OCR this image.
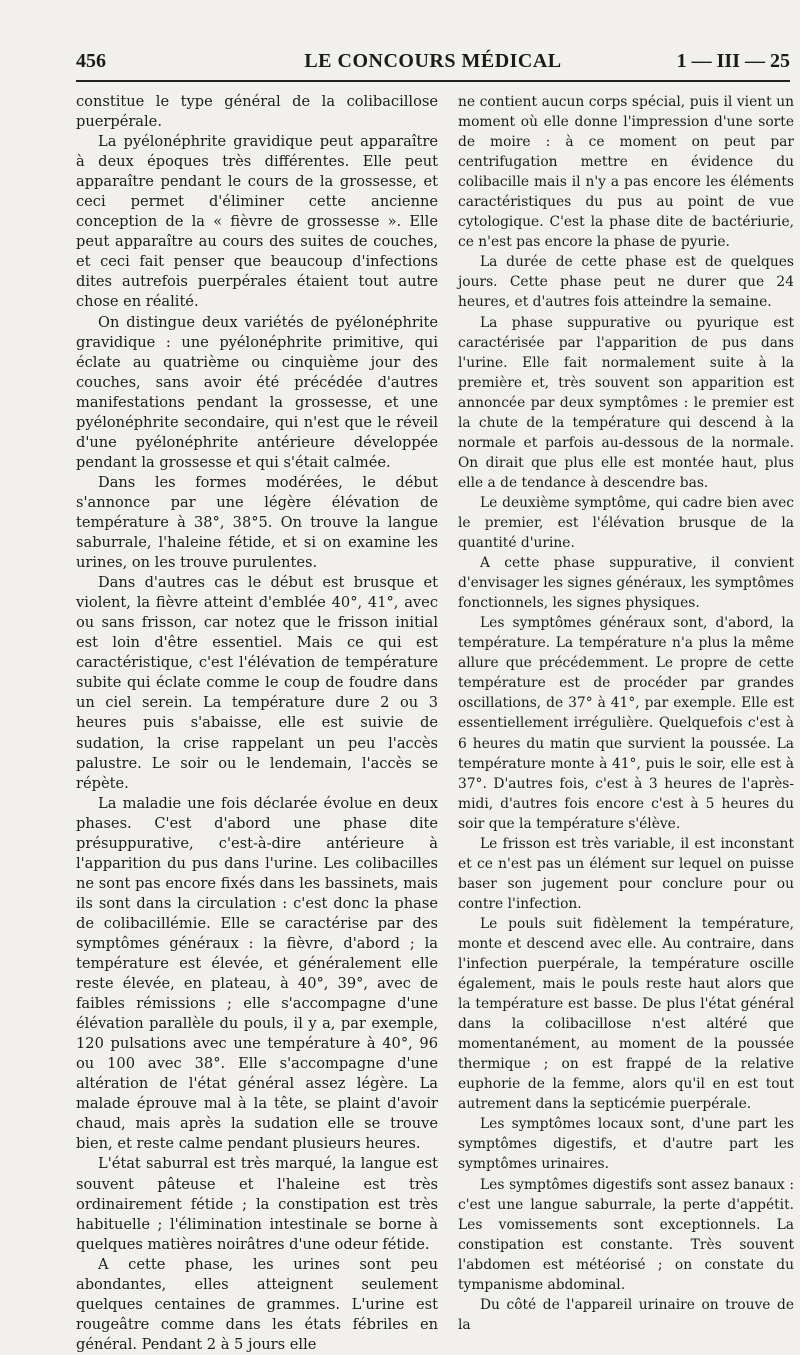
456	LE CONCOURS MÉDICAL	1 — III — 25

constitue le type général de la colibacillose puerpérale.

La pyélonéphrite gravidique peut apparaître à deux époques très différentes. Elle peut apparaître pendant le cours de la grossesse, et ceci permet d'éliminer cette ancienne conception de la « fièvre de grossesse ». Elle peut apparaître au cours des suites de couches, et ceci fait penser que beaucoup d'infections dites autrefois puerpérales étaient tout autre chose en réalité.

On distingue deux variétés de pyélonéphrite gravidique : une pyélonéphrite primitive, qui éclate au quatrième ou cinquième jour des couches, sans avoir été précédée d'autres manifestations pendant la grossesse, et une pyélonéphrite secondaire, qui n'est que le réveil d'une pyélonéphrite antérieure développée pendant la grossesse et qui s'était calmée.

Dans les formes modérées, le début s'annonce par une légère élévation de température à 38°, 38°5. On trouve la langue saburrale, l'haleine fétide, et si on examine les urines, on les trouve purulentes.

Dans d'autres cas le début est brusque et violent, la fièvre atteint d'emblée 40°, 41°, avec ou sans frisson, car notez que le frisson initial est loin d'être essentiel. Mais ce qui est caractéristique, c'est l'élévation de température subite qui éclate comme le coup de foudre dans un ciel serein. La température dure 2 ou 3 heures puis s'abaisse, elle est suivie de sudation, la crise rappelant un peu l'accès palustre. Le soir ou le lendemain, l'accès se répète.

La maladie une fois déclarée évolue en deux phases. C'est d'abord une phase dite présuppurative, c'est-à-dire antérieure à l'apparition du pus dans l'urine. Les colibacilles ne sont pas encore fixés dans les bassinets, mais ils sont dans la circulation : c'est donc la phase de colibacillémie. Elle se caractérise par des symptômes généraux : la fièvre, d'abord ; la température est élevée, et généralement elle reste élevée, en plateau, à 40°, 39°, avec de faibles rémissions ; elle s'accompagne d'une élévation parallèle du pouls, il y a, par exemple, 120 pulsations avec une température à 40°, 96 ou 100 avec 38°. Elle s'accompagne d'une altération de l'état général assez légère. La malade éprouve mal à la tête, se plaint d'avoir chaud, mais après la sudation elle se trouve bien, et reste calme pendant plusieurs heures.

L'état saburral est très marqué, la langue est souvent pâteuse et l'haleine est très ordinairement fétide ; la constipation est très habituelle ; l'élimination intestinale se borne à quelques matières noirâtres d'une odeur fétide.

A cette phase, les urines sont peu abondantes, elles atteignent seulement quelques centaines de grammes. L'urine est rougeâtre comme dans les états fébriles en général. Pendant 2 à 5 jours elle

ne contient aucun corps spécial, puis il vient un moment où elle donne l'impression d'une sorte de moire : à ce moment on peut par centrifugation mettre en évidence du colibacille mais il n'y a pas encore les éléments caractéristiques du pus au point de vue cytologique. C'est la phase dite de bactériurie, ce n'est pas encore la phase de pyurie.

La durée de cette phase est de quelques jours. Cette phase peut ne durer que 24 heures, et d'autres fois atteindre la semaine.

La phase suppurative ou pyurique est caractérisée par l'apparition de pus dans l'urine. Elle fait normalement suite à la première et, très souvent son apparition est annoncée par deux symptômes : le premier est la chute de la température qui descend à la normale et parfois au-dessous de la normale. On dirait que plus elle est montée haut, plus elle a de tendance à descendre bas.

Le deuxième symptôme, qui cadre bien avec le premier, est l'élévation brusque de la quantité d'urine.

A cette phase suppurative, il convient d'envisager les signes généraux, les symptômes fonctionnels, les signes physiques.

Les symptômes généraux sont, d'abord, la température. La température n'a plus la même allure que précédemment. Le propre de cette température est de procéder par grandes oscillations, de 37° à 41°, par exemple. Elle est essentiellement irrégulière. Quelquefois c'est à 6 heures du matin que survient la poussée. La température monte à 41°, puis le soir, elle est à 37°. D'autres fois, c'est à 3 heures de l'après-midi, d'autres fois encore c'est à 5 heures du soir que la température s'élève.

Le frisson est très variable, il est inconstant et ce n'est pas un élément sur lequel on puisse baser son jugement pour conclure pour ou contre l'infection.

Le pouls suit fidèlement la température, monte et descend avec elle. Au contraire, dans l'infection puerpérale, la température oscille également, mais le pouls reste haut alors que la température est basse. De plus l'état général dans la colibacillose n'est altéré que momentanément, au moment de la poussée thermique ; on est frappé de la relative euphorie de la femme, alors qu'il en est tout autrement dans la septicémie puerpérale.

Les symptômes locaux sont, d'une part les symptômes digestifs, et d'autre part les symptômes urinaires.

Les symptômes digestifs sont assez banaux : c'est une langue saburrale, la perte d'appétit. Les vomissements sont exceptionnels. La constipation est constante. Très souvent l'abdomen est météorisé ; on constate du tympanisme abdominal.

Du côté de l'appareil urinaire on trouve de la
